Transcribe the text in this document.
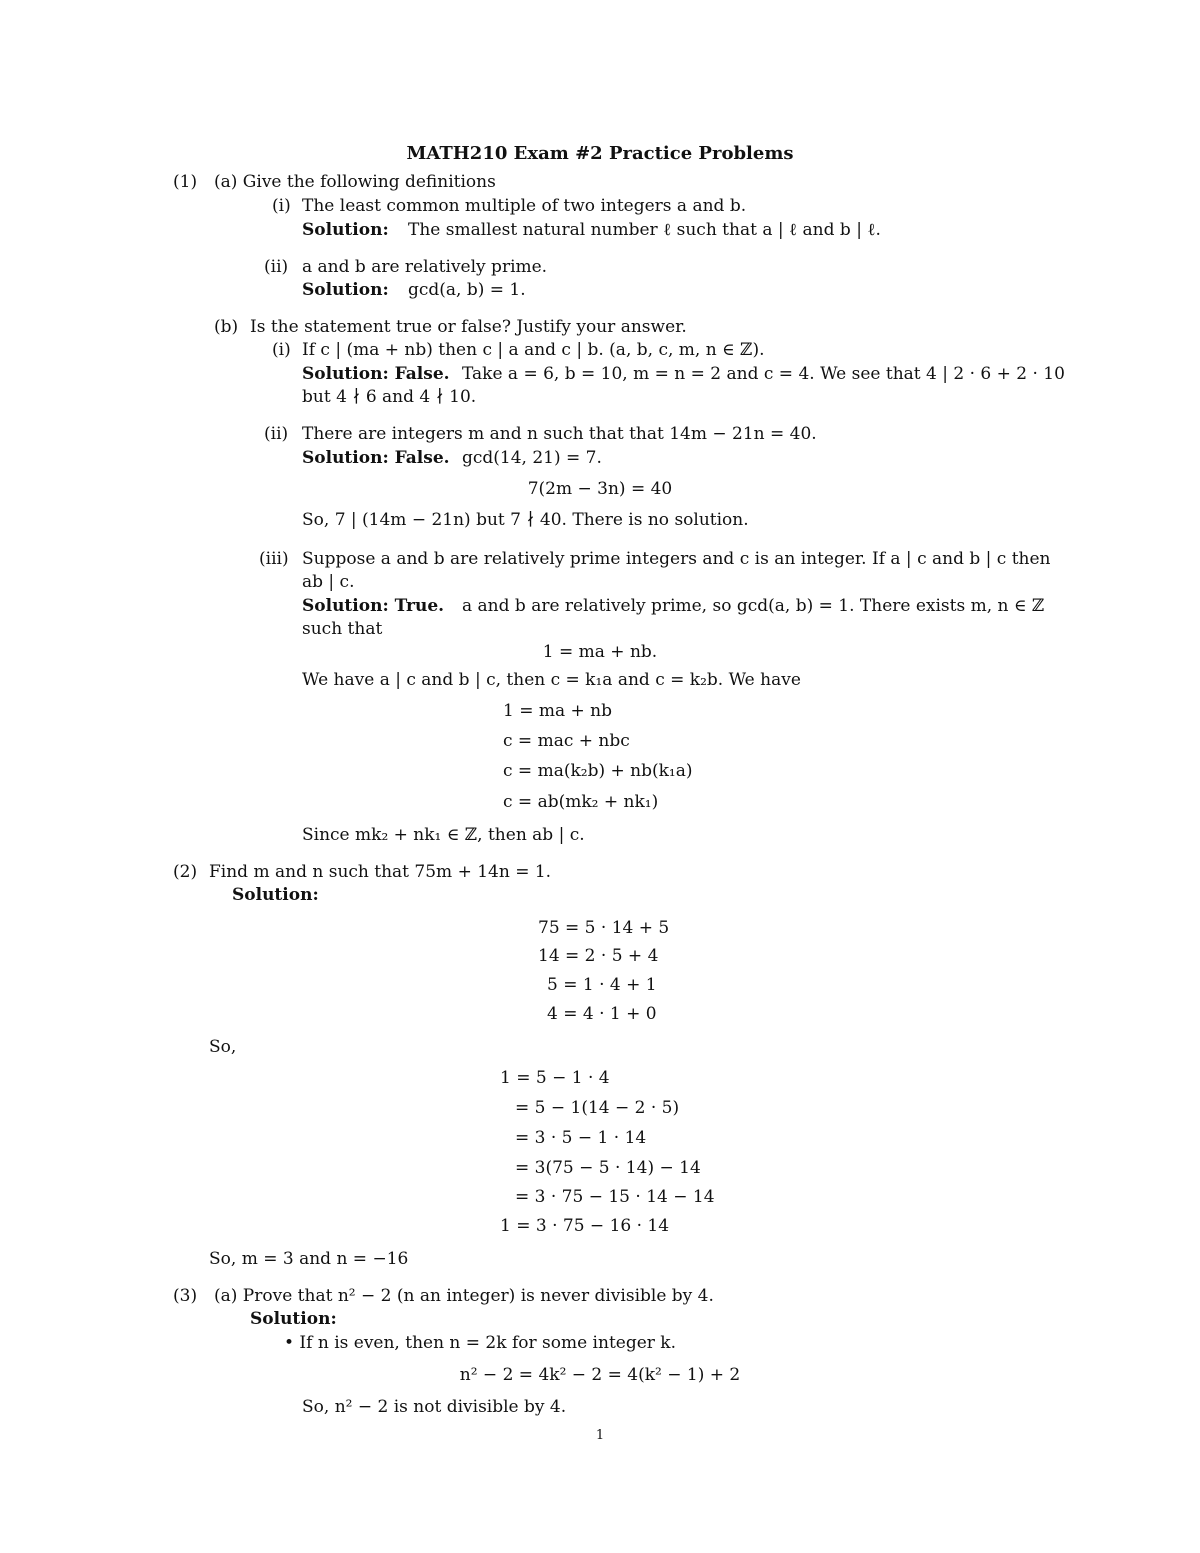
MATH210 Exam #2 Practice Problems
(1) (a) Give the following definitions
(i) The least common multiple of two integers a and b.
Solution: The smallest natural number ℓ such that a | ℓ and b | ℓ.
(ii) a and b are relatively prime.
Solution: gcd(a, b) = 1.
(b) Is the statement true or false? Justify your answer.
(i) If c | (ma + nb) then c | a and c | b. (a, b, c, m, n ∈ ℤ).
Solution: False. Take a = 6, b = 10, m = n = 2 and c = 4. We see that 4 | 2 · 6 + 2 · 10
but 4 ∤ 6 and 4 ∤ 10.
(ii) There are integers m and n such that that 14m − 21n = 40.
Solution: False. gcd(14, 21) = 7.
7(2m − 3n) = 40
So, 7 | (14m − 21n) but 7 ∤ 40. There is no solution.
(iii) Suppose a and b are relatively prime integers and c is an integer. If a | c and b | c then
ab | c.
Solution: True. a and b are relatively prime, so gcd(a, b) = 1. There exists m, n ∈ ℤ
such that
1 = ma + nb.
We have a | c and b | c, then c = k₁a and c = k₂b. We have
1 = ma + nb
c = mac + nbc
c = ma(k₂b) + nb(k₁a)
c = ab(mk₂ + nk₁)
Since mk₂ + nk₁ ∈ ℤ, then ab | c.
(2) Find m and n such that 75m + 14n = 1.
Solution:
75 = 5 · 14 + 5
14 = 2 · 5 + 4
5 = 1 · 4 + 1
4 = 4 · 1 + 0
So,
1 = 5 − 1 · 4
= 5 − 1(14 − 2 · 5)
= 3 · 5 − 1 · 14
= 3(75 − 5 · 14) − 14
= 3 · 75 − 15 · 14 − 14
1 = 3 · 75 − 16 · 14
So, m = 3 and n = −16
(3) (a) Prove that n² − 2 (n an integer) is never divisible by 4.
Solution:
• If n is even, then n = 2k for some integer k.
n² − 2 = 4k² − 2 = 4(k² − 1) + 2
So, n² − 2 is not divisible by 4.
1
